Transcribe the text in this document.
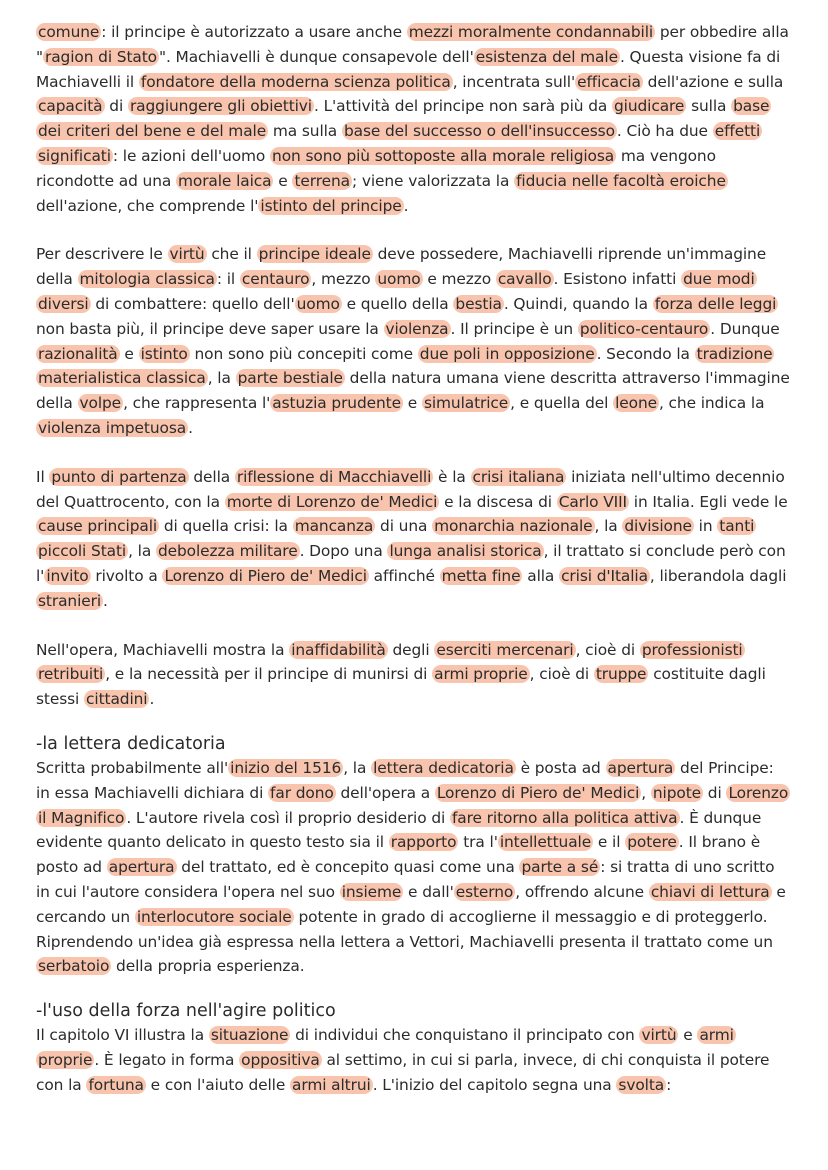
comune : il principe è autorizzato a usare anche mezzi moralmente condannabili per obbedire alla " ragion di Stato ". Machiavelli è dunque consapevole dell' esistenza del male . Questa visione fa di Machiavelli il fondatore della moderna scienza politica , incentrata sull' efficacia dell'azione e sulla capacità di raggiungere gli obiettivi . L'attività del principe non sarà più da giudicare sulla base dei criteri del bene e del male ma sulla base del successo o dell'insuccesso . Ciò ha due effetti significati : le azioni dell'uomo non sono più sottoposte alla morale religiosa ma vengono ricondotte ad una morale laica e terrena ; viene valorizzata la fiducia nelle facoltà eroiche dell'azione, che comprende l' istinto del principe .

Per descrivere le virtù che il principe ideale deve possedere, Machiavelli riprende un'immagine della mitologia classica : il centauro , mezzo uomo e mezzo cavallo . Esistono infatti due modi diversi di combattere: quello dell' uomo e quello della bestia . Quindi, quando la forza delle leggi non basta più, il principe deve saper usare la violenza . Il principe è un politico-centauro . Dunque razionalità e istinto non sono più concepiti come due poli in opposizione . Secondo la tradizione materialistica classica , la parte bestiale della natura umana viene descritta attraverso l'immagine della volpe , che rappresenta l' astuzia prudente e simulatrice , e quella del leone , che indica la violenza impetuosa .

Il punto di partenza della riflessione di Macchiavelli è la crisi italiana iniziata nell'ultimo decennio del Quattrocento, con la morte di Lorenzo de' Medici e la discesa di Carlo VIII in Italia. Egli vede le cause principali di quella crisi: la mancanza di una monarchia nazionale , la divisione in tanti piccoli Stati , la debolezza militare . Dopo una lunga analisi storica , il trattato si conclude però con l' invito rivolto a Lorenzo di Piero de' Medici affinché metta fine alla crisi d'Italia , liberandola dagli stranieri .

Nell'opera, Machiavelli mostra la inaffidabilità degli eserciti mercenari , cioè di professionisti retribuiti , e la necessità per il principe di munirsi di armi proprie , cioè di truppe costituite dagli stessi cittadini .

-la lettera dedicatoria

Scritta probabilmente all' inizio del 1516 , la lettera dedicatoria è posta ad apertura del Principe: in essa Machiavelli dichiara di far dono dell'opera a Lorenzo di Piero de' Medici , nipote di Lorenzo il Magnifico . L'autore rivela così il proprio desiderio di fare ritorno alla politica attiva . È dunque evidente quanto delicato in questo testo sia il rapporto tra l' intellettuale e il potere . Il brano è posto ad apertura del trattato, ed è concepito quasi come una parte a sé : si tratta di uno scritto in cui l'autore considera l'opera nel suo insieme e dall' esterno , offrendo alcune chiavi di lettura e cercando un interlocutore sociale potente in grado di accoglierne il messaggio e di proteggerlo. Riprendendo un'idea già espressa nella lettera a Vettori, Machiavelli presenta il trattato come un serbatoio della propria esperienza.

-l'uso della forza nell'agire politico

Il capitolo VI illustra la situazione di individui che conquistano il principato con virtù e armi proprie . È legato in forma oppositiva al settimo, in cui si parla, invece, di chi conquista il potere con la fortuna e con l'aiuto delle armi altrui . L'inizio del capitolo segna una svolta :
